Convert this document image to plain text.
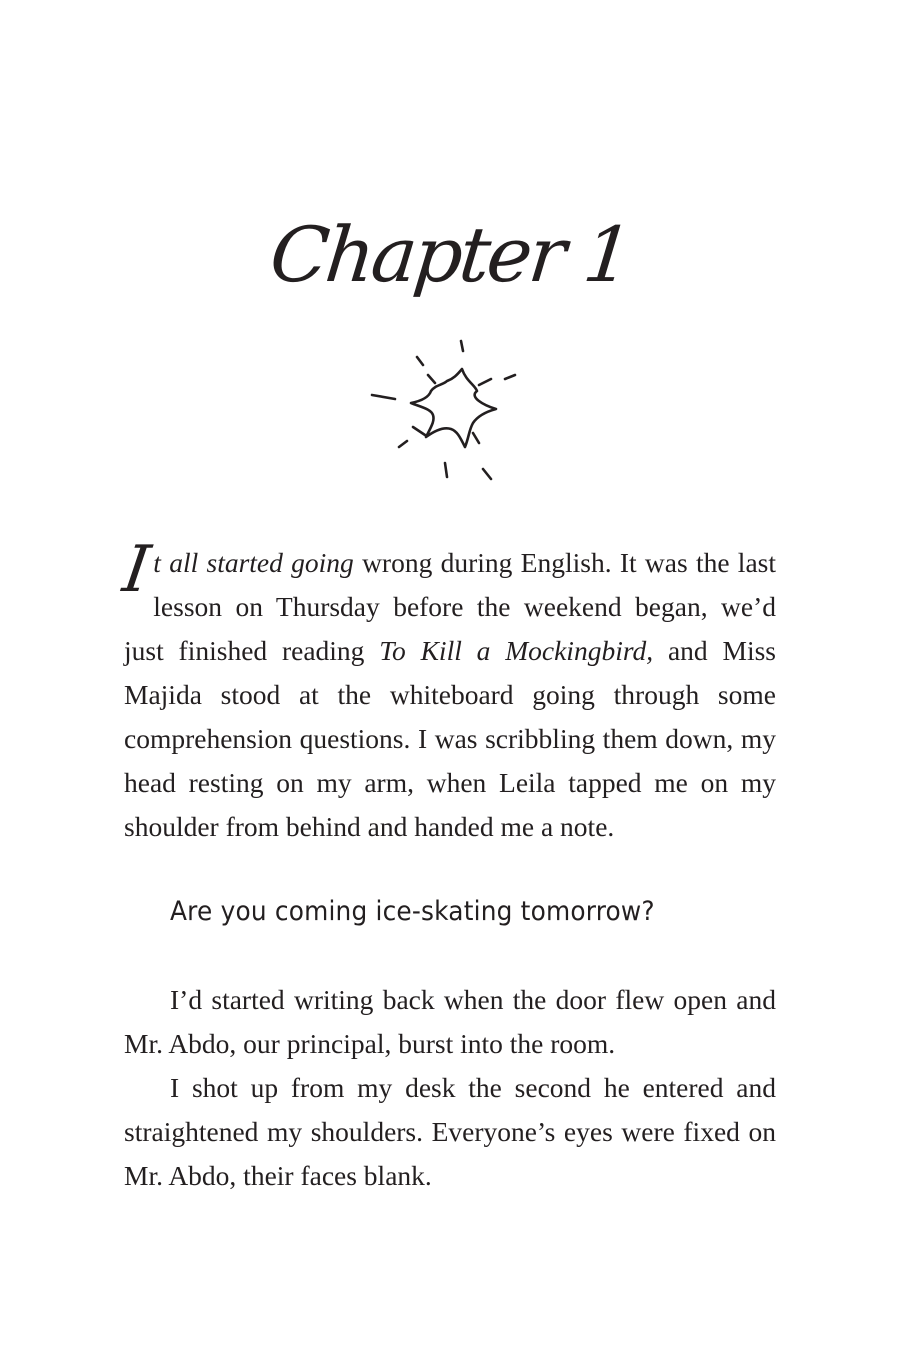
Chapter 1

I
t all started going wrong during English. It was the last lesson on Thursday before the weekend began, we’d just finished reading To Kill a Mockingbird, and Miss Majida stood at the whiteboard going through some comprehension questions. I was scribbling them down, my head resting on my arm, when Leila tapped me on my shoulder from behind and handed me a note.

Are you coming ice-skating tomorrow?

I’d started writing back when the door flew open and Mr. Abdo, our principal, burst into the room.

I shot up from my desk the second he entered and straightened my shoulders. Everyone’s eyes were fixed on Mr. Abdo, their faces blank.
